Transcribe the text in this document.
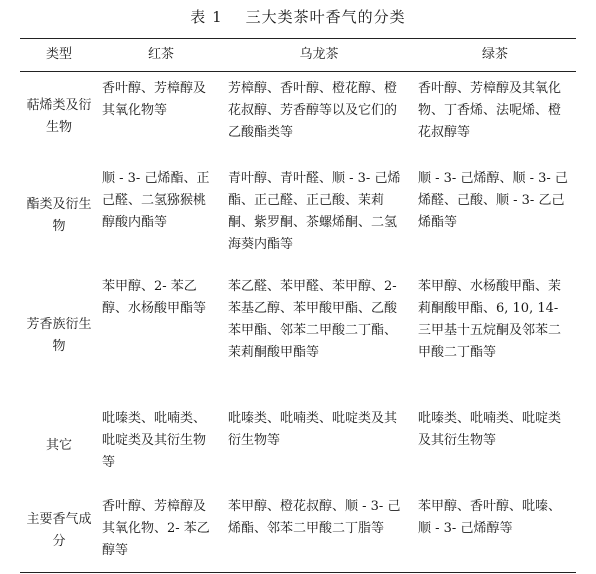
表 1    三大类茶叶香气的分类
类型	红茶	乌龙茶	绿茶
萜烯类及衍生物	香叶醇、芳樟醇及其氧化物等	芳樟醇、香叶醇、橙花醇、橙花叔醇、芳香醇等以及它们的乙酸酯类等	香叶醇、芳樟醇及其氧化物、丁香烯、法呢烯、橙花叔醇等
酯类及衍生物	顺 - 3- 己烯酯、正己醛、二氢猕猴桃醇酸内酯等	青叶醇、青叶醛、顺 - 3- 己烯酯、正己醛、正己酸、茉莉酮、紫罗酮、茶螺烯酮、二氢海葵内酯等	顺 - 3- 己烯醇、顺 - 3- 己烯醛、己酸、顺 - 3- 乙己烯酯等
芳香族衍生物	苯甲醇、2- 苯乙醇、水杨酸甲酯等	苯乙醛、苯甲醛、苯甲醇、2- 苯基乙醇、苯甲酸甲酯、乙酸苯甲酯、邻苯二甲酸二丁酯、茉莉酮酸甲酯等	苯甲醇、水杨酸甲酯、茉莉酮酸甲酯、6, 10, 14- 三甲基十五烷酮及邻苯二甲酸二丁酯等
其它	吡嗪类、吡喃类、吡啶类及其衍生物等	吡嗪类、吡喃类、吡啶类及其衍生物等	吡嗪类、吡喃类、吡啶类及其衍生物等
主要香气成分	香叶醇、芳樟醇及其氧化物、2- 苯乙醇等	苯甲醇、橙花叔醇、顺 - 3- 己烯酯、邻苯二甲酸二丁脂等	苯甲醇、香叶醇、吡嗪、顺 - 3- 己烯醇等
